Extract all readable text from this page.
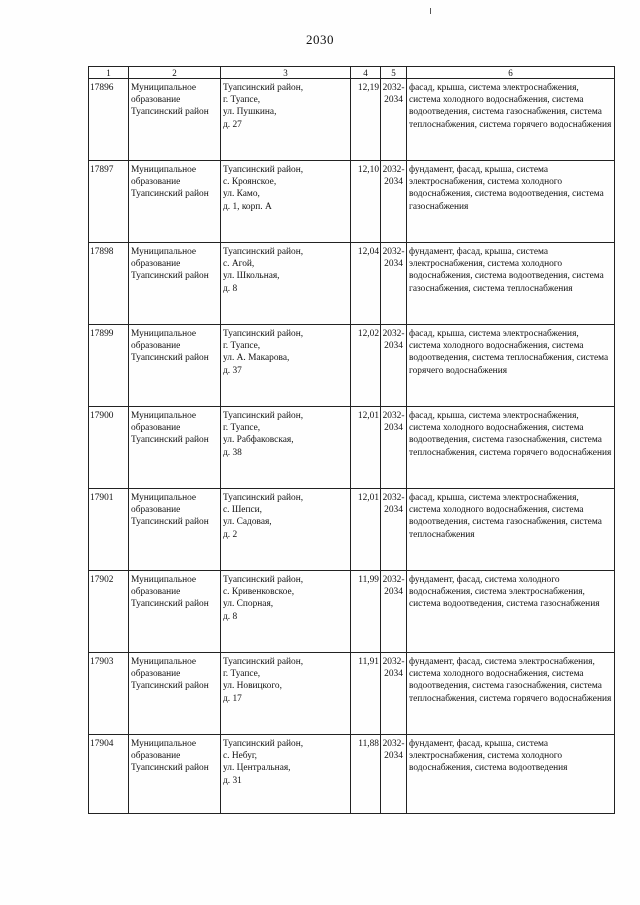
2030
1	2	3	4	5	6
17896	Муниципальное
образование
Туапсинский район	Туапсинский район,
г. Туапсе,
ул. Пушкина,
д. 27	12,19	2032-
2034	фасад, крыша, система электроснабжения, система холодного водоснабжения, система водоотведения, система газоснабжения, система теплоснабжения, система горячего водоснабжения
17897	Муниципальное
образование
Туапсинский район	Туапсинский район,
с. Кроянское,
ул. Камо,
д. 1, корп. А	12,10	2032-
2034	фундамент, фасад, крыша, система электроснабжения, система холодного водоснабжения, система водоотведения, система газоснабжения
17898	Муниципальное
образование
Туапсинский район	Туапсинский район,
с. Агой,
ул. Школьная,
д. 8	12,04	2032-
2034	фундамент, фасад, крыша, система электроснабжения, система холодного водоснабжения, система водоотведения, система газоснабжения, система теплоснабжения
17899	Муниципальное
образование
Туапсинский район	Туапсинский район,
г. Туапсе,
ул. А. Макарова,
д. 37	12,02	2032-
2034	фасад, крыша, система электроснабжения, система холодного водоснабжения, система водоотведения, система теплоснабжения, система горячего водоснабжения
17900	Муниципальное
образование
Туапсинский район	Туапсинский район,
г. Туапсе,
ул. Рабфаковская,
д. 38	12,01	2032-
2034	фасад, крыша, система электроснабжения, система холодного водоснабжения, система водоотведения, система газоснабжения, система теплоснабжения, система горячего водоснабжения
17901	Муниципальное
образование
Туапсинский район	Туапсинский район,
с. Шепси,
ул. Садовая,
д. 2	12,01	2032-
2034	фасад, крыша, система электроснабжения, система холодного водоснабжения, система водоотведения, система газоснабжения, система теплоснабжения
17902	Муниципальное
образование
Туапсинский район	Туапсинский район,
с. Кривенковское,
ул. Спорная,
д. 8	11,99	2032-
2034	фундамент, фасад, система холодного водоснабжения, система электроснабжения, система водоотведения, система газоснабжения
17903	Муниципальное
образование
Туапсинский район	Туапсинский район,
г. Туапсе,
ул. Новицкого,
д. 17	11,91	2032-
2034	фундамент, фасад, система электроснабжения, система холодного водоснабжения, система водоотведения, система газоснабжения, система теплоснабжения, система горячего водоснабжения
17904	Муниципальное
образование
Туапсинский район	Туапсинский район,
с. Небуг,
ул. Центральная,
д. 31	11,88	2032-
2034	фундамент, фасад, крыша, система электроснабжения, система холодного водоснабжения, система водоотведения
